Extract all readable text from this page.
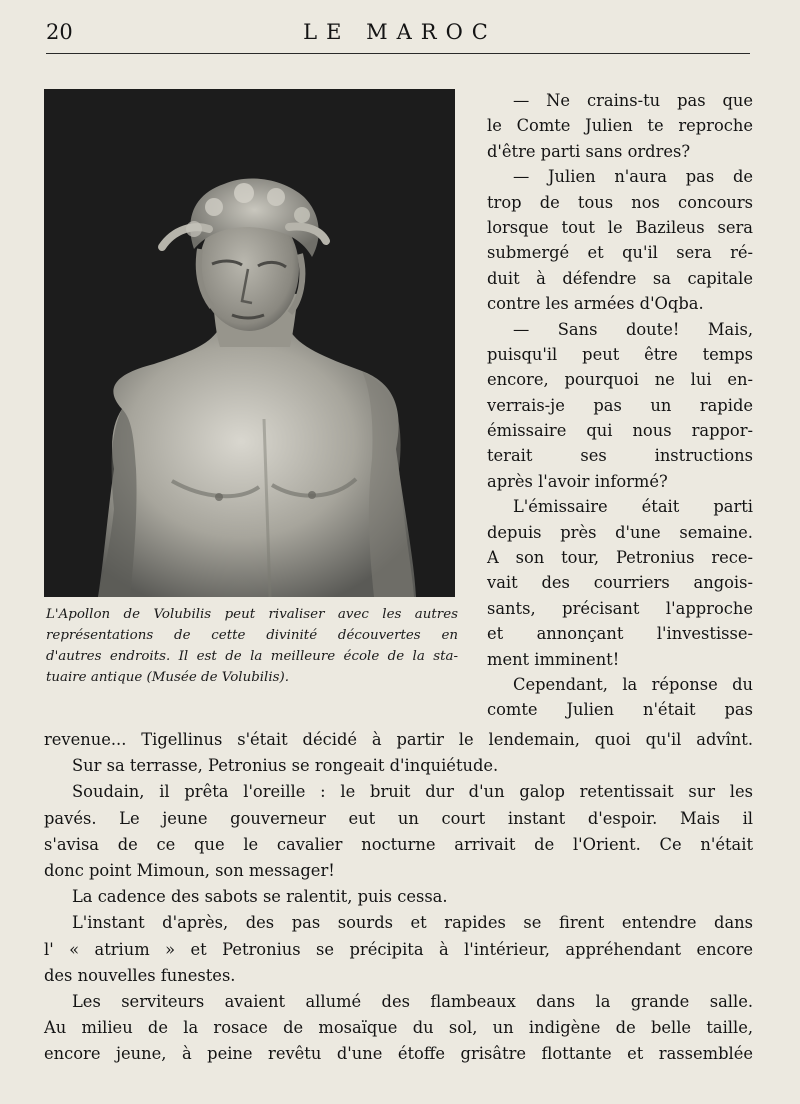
20	LE MAROC
L'Apollon de Volubilis peut rivaliser avec les autres
représentations de cette divinité découvertes en
d'autres endroits. Il est de la meilleure école de la sta-
tuaire antique (Musée de Volubilis).
— Ne crains-tu pas que
le Comte Julien te reproche
d'être parti sans ordres?
— Julien n'aura pas de
trop de tous nos concours
lorsque tout le Bazileus sera
submergé et qu'il sera ré-
duit à défendre sa capitale
contre les armées d'Oqba.
— Sans doute! Mais,
puisqu'il peut être temps
encore, pourquoi ne lui en-
verrais-je pas un rapide
émissaire qui nous rappor-
terait ses instructions
après l'avoir informé?
L'émissaire était parti
depuis près d'une semaine.
A son tour, Petronius rece-
vait des courriers angois-
sants, précisant l'approche
et annonçant l'investisse-
ment imminent!
Cependant, la réponse du
comte Julien n'était pas
revenue... Tigellinus s'était décidé à partir le lendemain, quoi qu'il advînt.
Sur sa terrasse, Petronius se rongeait d'inquiétude.
Soudain, il prêta l'oreille : le bruit dur d'un galop retentissait sur les
pavés. Le jeune gouverneur eut un court instant d'espoir. Mais il
s'avisa de ce que le cavalier nocturne arrivait de l'Orient. Ce n'était
donc point Mimoun, son messager!
La cadence des sabots se ralentit, puis cessa.
L'instant d'après, des pas sourds et rapides se firent entendre dans
l' « atrium » et Petronius se précipita à l'intérieur, appréhendant encore
des nouvelles funestes.
Les serviteurs avaient allumé des flambeaux dans la grande salle.
Au milieu de la rosace de mosaïque du sol, un indigène de belle taille,
encore jeune, à peine revêtu d'une étoffe grisâtre flottante et rassemblée
